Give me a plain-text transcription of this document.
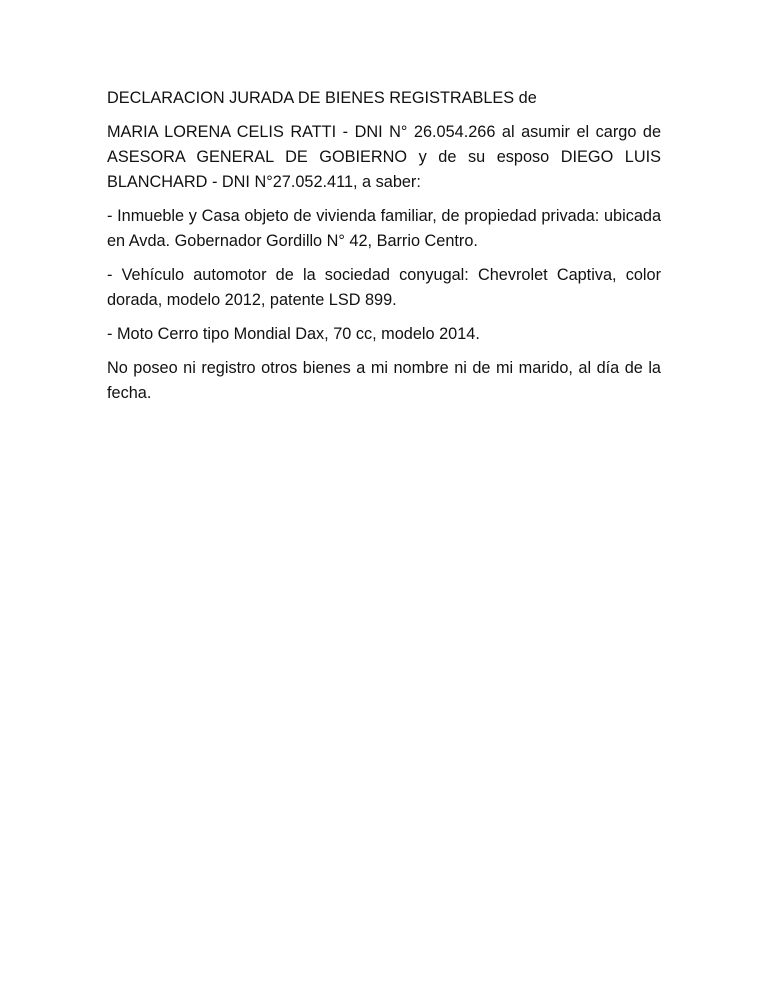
DECLARACION JURADA DE BIENES REGISTRABLES de

MARIA LORENA CELIS RATTI - DNI N° 26.054.266 al asumir el cargo de ASESORA GENERAL DE GOBIERNO y de su esposo DIEGO LUIS BLANCHARD - DNI N°27.052.411, a saber:

- Inmueble y Casa objeto de vivienda familiar, de propiedad privada: ubicada en Avda. Gobernador Gordillo N° 42, Barrio Centro.

- Vehículo automotor de la sociedad conyugal: Chevrolet Captiva, color dorada, modelo 2012, patente LSD 899.

- Moto Cerro tipo Mondial Dax, 70 cc, modelo 2014.

No poseo ni registro otros bienes a mi nombre ni de mi marido, al día de la fecha.
